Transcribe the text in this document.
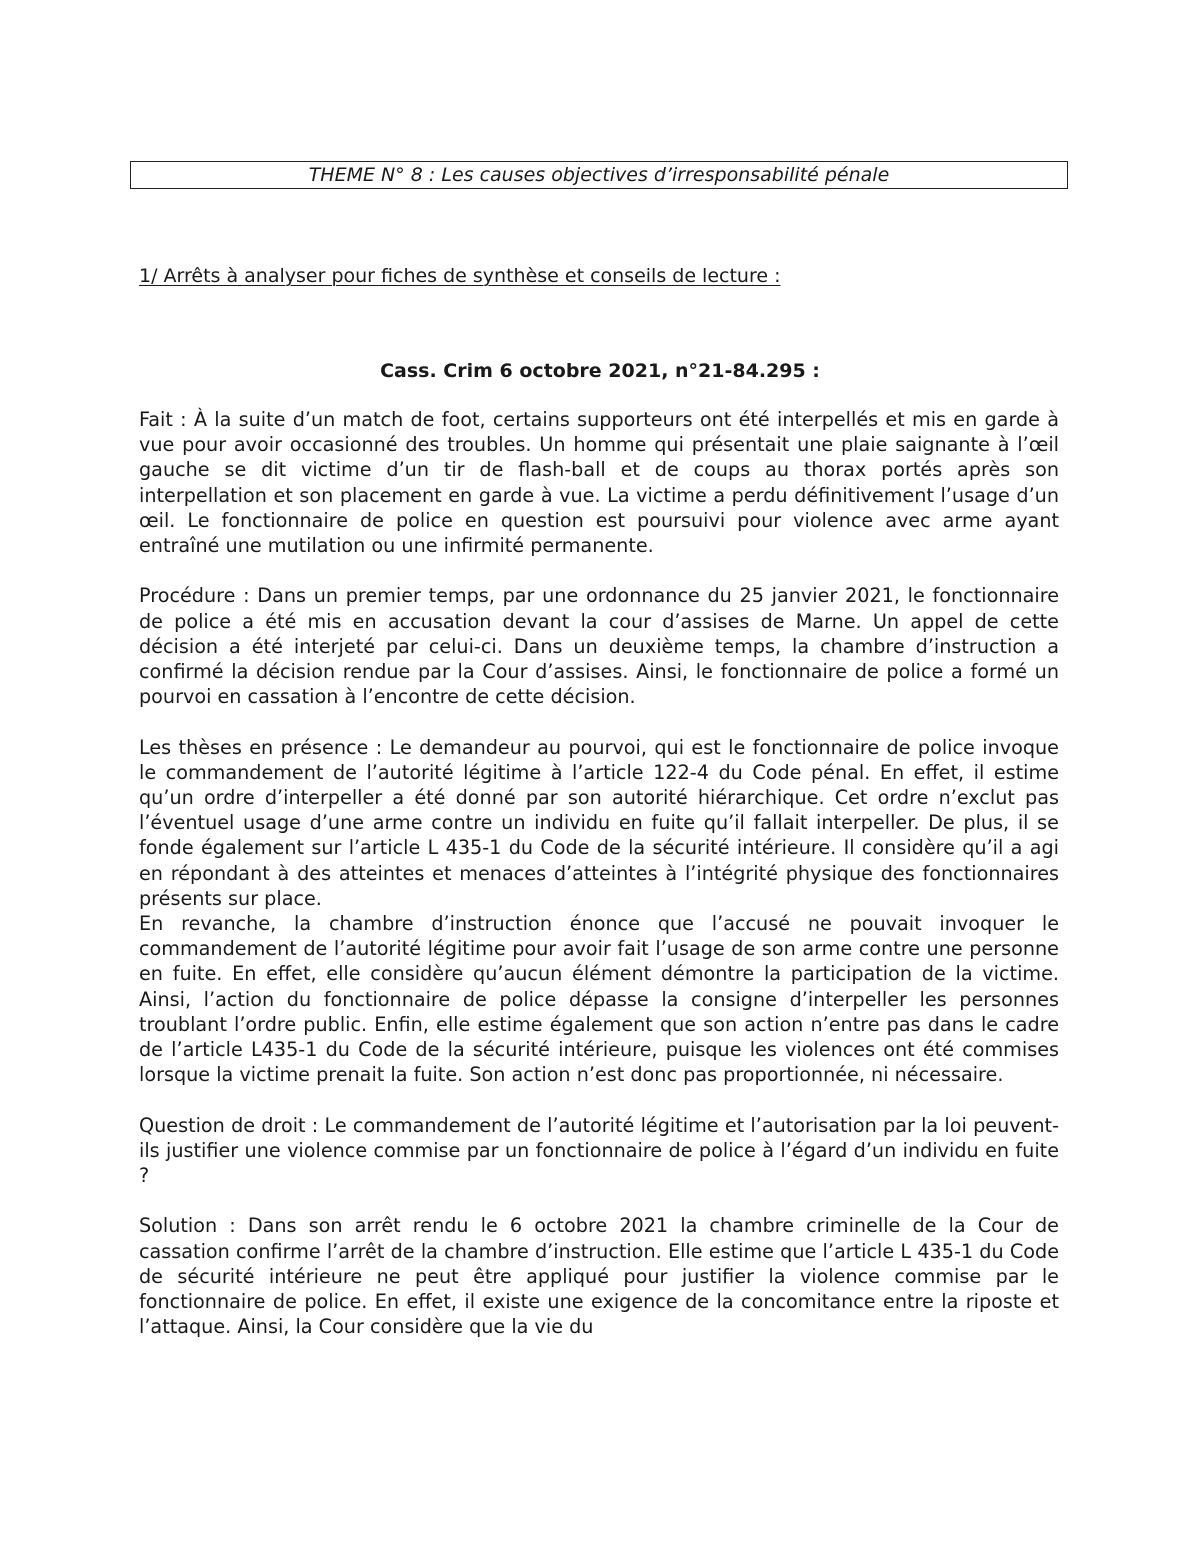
THEME N° 8 : Les causes objectives d’irresponsabilité pénale
1/ Arrêts à analyser pour fiches de synthèse et conseils de lecture :
Cass. Crim 6 octobre 2021, n°21-84.295 :

Fait : À la suite d’un match de foot, certains supporteurs ont été interpellés et mis en garde à vue pour avoir occasionné des troubles. Un homme qui présentait une plaie saignante à l’œil gauche se dit victime d’un tir de flash-ball et de coups au thorax portés après son interpellation et son placement en garde à vue. La victime a perdu définitivement l’usage d’un œil. Le fonctionnaire de police en question est poursuivi pour violence avec arme ayant entraîné une mutilation ou une infirmité permanente.

Procédure : Dans un premier temps, par une ordonnance du 25 janvier 2021, le fonctionnaire de police a été mis en accusation devant la cour d’assises de Marne. Un appel de cette décision a été interjeté par celui-ci. Dans un deuxième temps, la chambre d’instruction a confirmé la décision rendue par la Cour d’assises. Ainsi, le fonctionnaire de police a formé un pourvoi en cassation à l’encontre de cette décision.

Les thèses en présence : Le demandeur au pourvoi, qui est le fonctionnaire de police invoque le commandement de l’autorité légitime à l’article 122-4 du Code pénal. En effet, il estime qu’un ordre d’interpeller a été donné par son autorité hiérarchique. Cet ordre n’exclut pas l’éventuel usage d’une arme contre un individu en fuite qu’il fallait interpeller. De plus, il se fonde également sur l’article L 435-1 du Code de la sécurité intérieure. Il considère qu’il a agi en répondant à des atteintes et menaces d’atteintes à l’intégrité physique des fonctionnaires présents sur place.

En revanche, la chambre d’instruction énonce que l’accusé ne pouvait invoquer le commandement de l’autorité légitime pour avoir fait l’usage de son arme contre une personne en fuite. En effet, elle considère qu’aucun élément démontre la participation de la victime. Ainsi, l’action du fonctionnaire de police dépasse la consigne d’interpeller les personnes troublant l’ordre public. Enfin, elle estime également que son action n’entre pas dans le cadre de l’article L435-1 du Code de la sécurité intérieure, puisque les violences ont été commises lorsque la victime prenait la fuite. Son action n’est donc pas proportionnée, ni nécessaire.

Question de droit : Le commandement de l’autorité légitime et l’autorisation par la loi peuvent-ils justifier une violence commise par un fonctionnaire de police à l’égard d’un individu en fuite ?

Solution : Dans son arrêt rendu le 6 octobre 2021 la chambre criminelle de la Cour de cassation confirme l’arrêt de la chambre d’instruction. Elle estime que l’article L 435-1 du Code de sécurité intérieure ne peut être appliqué pour justifier la violence commise par le fonctionnaire de police. En effet, il existe une exigence de la concomitance entre la riposte et l’attaque. Ainsi, la Cour considère que la vie du
